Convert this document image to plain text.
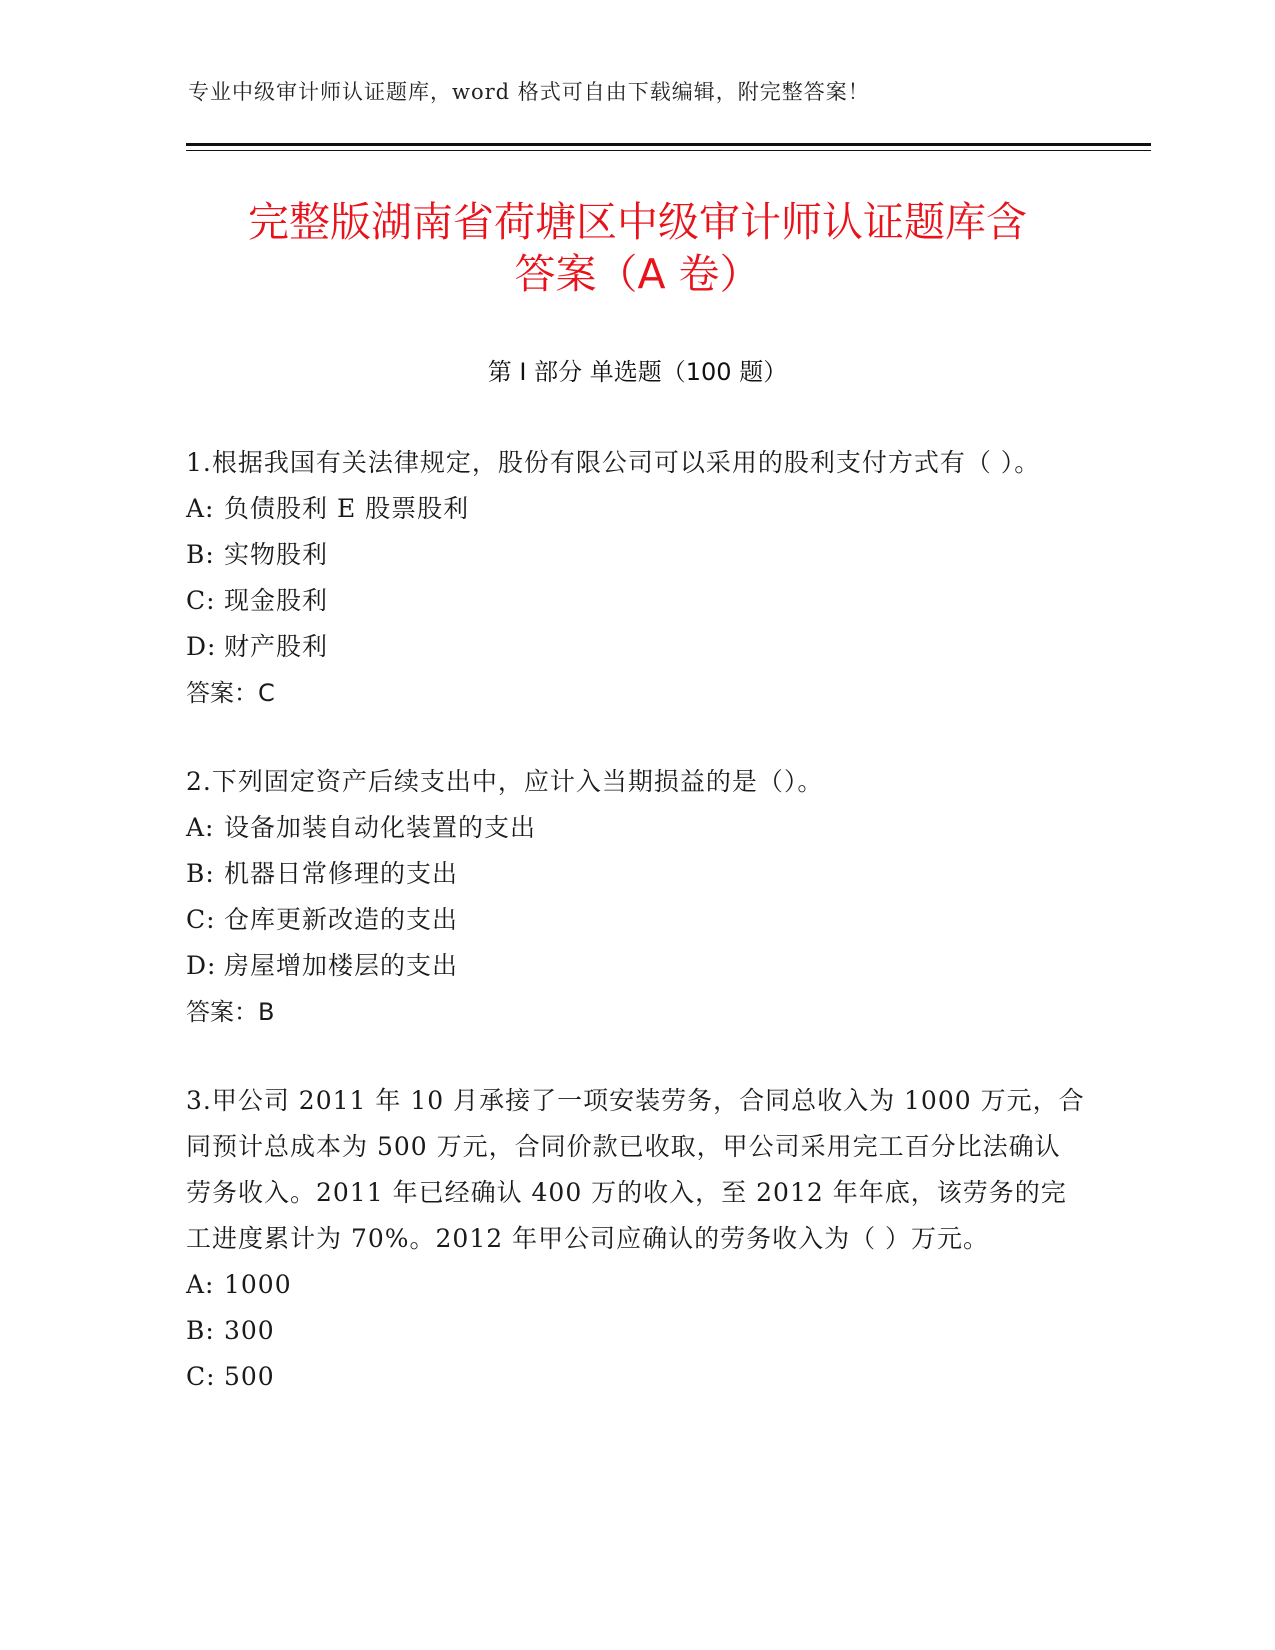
专业中级审计师认证题库，word 格式可自由下载编辑，附完整答案！
完整版湖南省荷塘区中级审计师认证题库含
答案（A 卷）
第 I 部分 单选题（100 题）

1.根据我国有关法律规定，股份有限公司可以采用的股利支付方式有（ ）。

A: 负债股利 E 股票股利
B: 实物股利
C: 现金股利
D: 财产股利
答案：C

2.下列固定资产后续支出中，应计入当期损益的是（）。

A: 设备加装自动化装置的支出
B: 机器日常修理的支出
C: 仓库更新改造的支出
D: 房屋增加楼层的支出
答案：B

3.甲公司 2011 年 10 月承接了一项安装劳务，合同总收入为 1000 万元，合同预计总成本为 500 万元，合同价款已收取，甲公司采用完工百分比法确认劳务收入。2011 年已经确认 400 万的收入，至 2012 年年底，该劳务的完工进度累计为 70%。2012 年甲公司应确认的劳务收入为（ ）万元。

A: 1000
B: 300
C: 500
